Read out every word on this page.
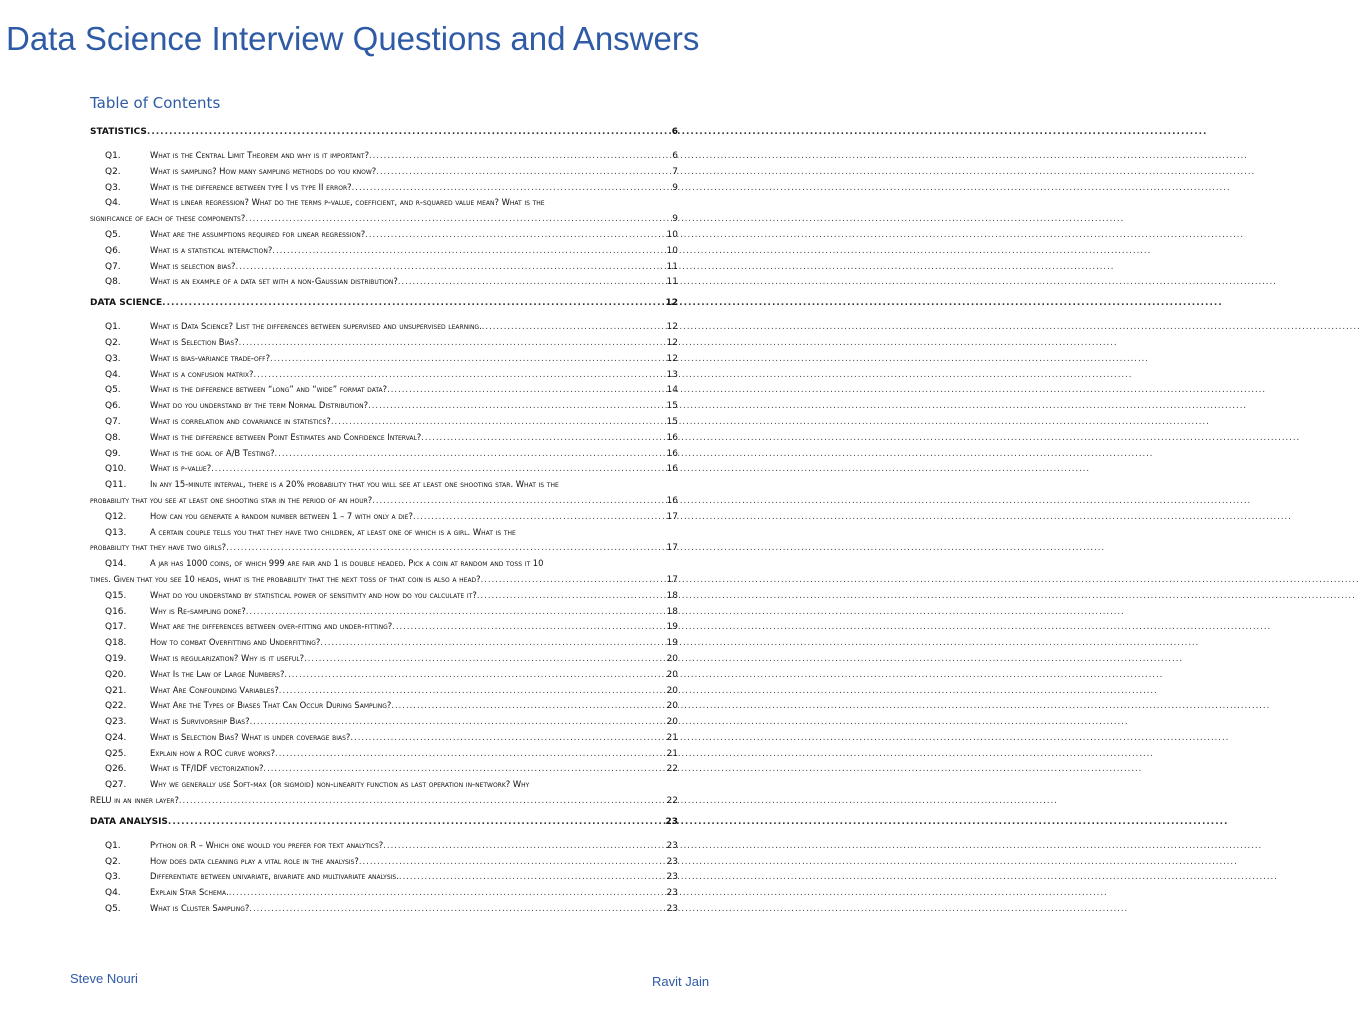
Data Science Interview Questions and Answers
Table of Contents
STATISTICS .....	6
Q1.	What is the Central Limit Theorem and why is it important? .....	6
Q2.	What is sampling? How many sampling methods do you know? .....	7
Q3.	What is the difference between type I vs type II error? .....	9
Q4.	What is linear regression? What do the terms p-value, coefficient, and r-squared value mean? What is the
significance of each of these components? .....	9
Q5.	What are the assumptions required for linear regression? .....	10
Q6.	What is a statistical interaction? .....	10
Q7.	What is selection bias? .....	11
Q8.	What is an example of a data set with a non-Gaussian distribution? .....	11
DATA SCIENCE .....	12
Q1.	What is Data Science? List the differences between supervised and unsupervised learning. .....	12
Q2.	What is Selection Bias? .....	12
Q3.	What is bias-variance trade-off? .....	12
Q4.	What is a confusion matrix? .....	13
Q5.	What is the difference between “long” and “wide” format data? .....	14
Q6.	What do you understand by the term Normal Distribution? .....	15
Q7.	What is correlation and covariance in statistics? .....	15
Q8.	What is the difference between Point Estimates and Confidence Interval? .....	16
Q9.	What is the goal of A/B Testing? .....	16
Q10.	What is p-value? .....	16
Q11.	In any 15-minute interval, there is a 20% probability that you will see at least one shooting star. What is the
probability that you see at least one shooting star in the period of an hour? .....	16
Q12.	How can you generate a random number between 1 – 7 with only a die? .....	17
Q13.	A certain couple tells you that they have two children, at least one of which is a girl. What is the
probability that they have two girls? .....	17
Q14.	A jar has 1000 coins, of which 999 are fair and 1 is double headed. Pick a coin at random and toss it 10
times. Given that you see 10 heads, what is the probability that the next toss of that coin is also a head? .....	17
Q15.	What do you understand by statistical power of sensitivity and how do you calculate it? .....	18
Q16.	Why is Re-sampling done? .....	18
Q17.	What are the differences between over-fitting and under-fitting? .....	19
Q18.	How to combat Overfitting and Underfitting? .....	19
Q19.	What is regularization? Why is it useful? .....	20
Q20.	What Is the Law of Large Numbers? .....	20
Q21.	What Are Confounding Variables? .....	20
Q22.	What Are the Types of Biases That Can Occur During Sampling? .....	20
Q23.	What is Survivorship Bias? .....	20
Q24.	What is Selection Bias? What is under coverage bias? .....	21
Q25.	Explain how a ROC curve works? .....	21
Q26.	What is TF/IDF vectorization? .....	22
Q27.	Why we generally use Soft-max (or sigmoid) non-linearity function as last operation in-network? Why
RELU in an inner layer? .....	22
DATA ANALYSIS .....	23
Q1.	Python or R – Which one would you prefer for text analytics? .....	23
Q2.	How does data cleaning play a vital role in the analysis? .....	23
Q3.	Differentiate between univariate, bivariate and multivariate analysis. .....	23
Q4.	Explain Star Schema. .....	23
Q5.	What is Cluster Sampling? .....	23
Steve Nouri	Ravit Jain
